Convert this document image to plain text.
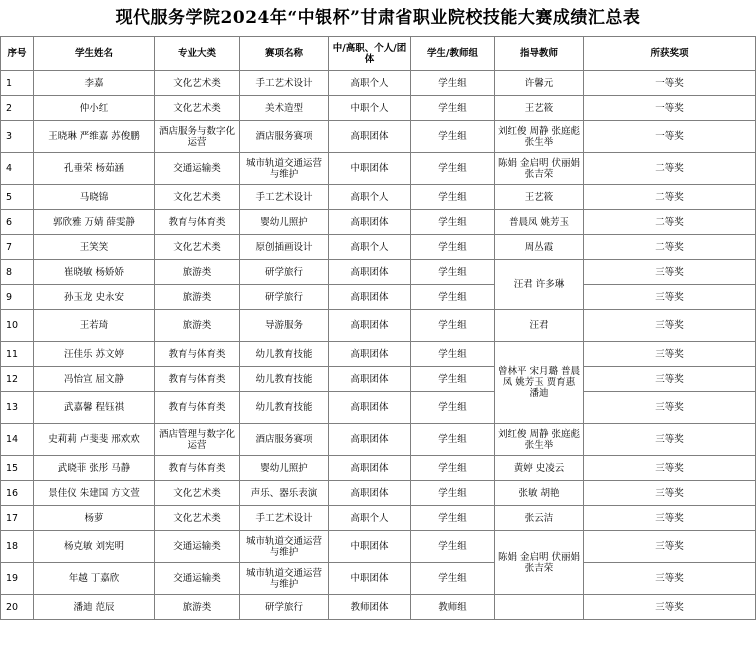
现代服务学院2024年“中银杯”甘肃省职业院校技能大赛成绩汇总表
序号	学生姓名	专业大类	赛项名称	中/高职、个人/团体	学生/教师组	指导教师	所获奖项
1	李嘉	文化艺术类	手工艺术设计	高职个人	学生组	许馨元	一等奖
2	仲小红	文化艺术类	美术造型	中职个人	学生组	王艺筱	一等奖
3	王晓琳 严维嘉 苏俊鹏	酒店服务与数字化运营	酒店服务赛项	高职团体	学生组	刘红俊 周静 张庭彪 张生举	一等奖
4	孔垂荣 杨茹涵	交通运输类	城市轨道交通运营与维护	中职团体	学生组	陈娟 金启明 伏丽娟 张吉荣	二等奖
5	马晓锦	文化艺术类	手工艺术设计	高职个人	学生组	王艺筱	二等奖
6	郭欣雅 万婧 薛雯静	教育与体育类	婴幼儿照护	高职团体	学生组	普晨凤 姚芳玉	二等奖
7	王笑笑	文化艺术类	原创插画设计	高职个人	学生组	周丛霞	二等奖
8	崔晓敏 杨娇娇	旅游类	研学旅行	高职团体	学生组	汪君 许多琳	三等奖
9	孙玉龙 史永安	旅游类	研学旅行	高职团体	学生组		三等奖
10	王若琦	旅游类	导游服务	高职团体	学生组	汪君	三等奖
11	汪佳乐 苏文婷	教育与体育类	幼儿教育技能	高职团体	学生组	曾林平 宋月璐 普晨凤 姚芳玉 贾育惠 潘迪	三等奖
12	冯怡宣 屈文静	教育与体育类	幼儿教育技能	高职团体	学生组		三等奖
13	武嘉馨 程钰祺	教育与体育类	幼儿教育技能	高职团体	学生组		三等奖
14	史莉莉 卢斐斐 邢欢欢	酒店管理与数字化运营	酒店服务赛项	高职团体	学生组	刘红俊 周静 张庭彪 张生举	三等奖
15	武晓菲 张彤 马静	教育与体育类	婴幼儿照护	高职团体	学生组	黄婷 史凌云	三等奖
16	景佳仪 朱建国 方文萱	文化艺术类	声乐、器乐表演	高职团体	学生组	张敏 胡艳	三等奖
17	杨萝	文化艺术类	手工艺术设计	高职个人	学生组	张云洁	三等奖
18	杨克敏 刘宪明	交通运输类	城市轨道交通运营与维护	中职团体	学生组	陈娟 金启明 伏丽娟 张吉荣	三等奖
19	年越 丁嘉欣	交通运输类	城市轨道交通运营与维护	中职团体	学生组		三等奖
20	潘迪 范辰	旅游类	研学旅行	教师团体	教师组		三等奖
